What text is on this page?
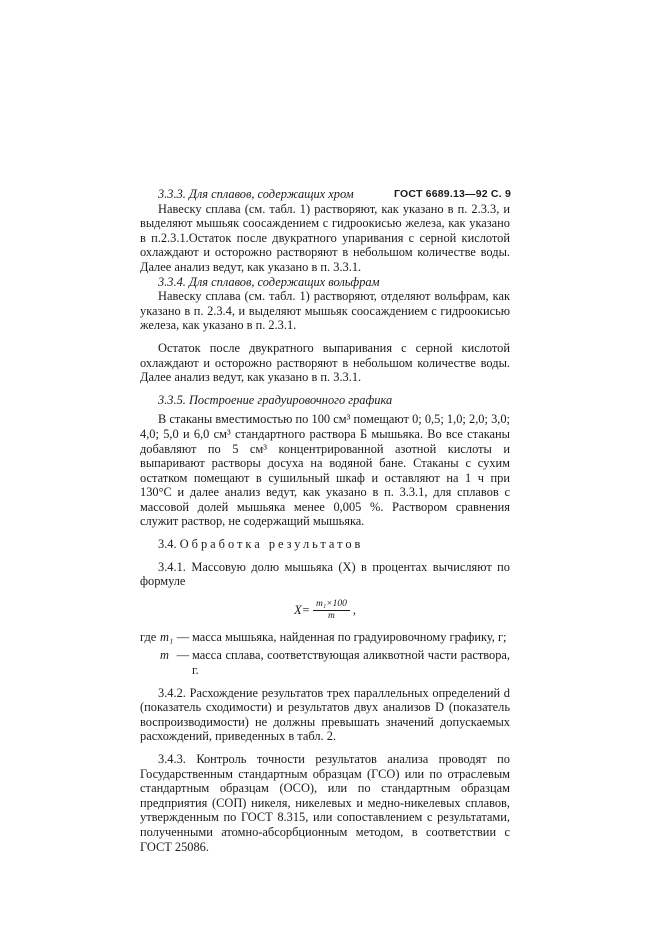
ГОСТ 6689.13—92 С. 9

3.3.3. Для сплавов, содержащих хром

Навеску сплава (см. табл. 1) растворяют, как указано в п. 2.3.3, и выделяют мышьяк соосаждением с гидроокисью железа, как указано в п.2.3.1.Остаток после двукратного упаривания с серной кислотой охлаждают и осторожно растворяют в небольшом количестве воды. Далее анализ ведут, как указано в п. 3.3.1.

3.3.4. Для сплавов, содержащих вольфрам

Навеску сплава (см. табл. 1) растворяют, отделяют вольфрам, как указано в п. 2.3.4, и выделяют мышьяк соосаждением с гидроокисью железа, как указано в п. 2.3.1.

Остаток после двукратного выпаривания с серной кислотой охлаждают и осторожно растворяют в небольшом количестве воды. Далее анализ ведут, как указано в п. 3.3.1.

3.3.5. Построение градуировочного графика

В стаканы вместимостью по 100 см³ помещают 0; 0,5; 1,0; 2,0; 3,0; 4,0; 5,0 и 6,0 см³ стандартного раствора Б мышьяка. Во все стаканы добавляют по 5 см³ концентрированной азотной кислоты и выпаривают растворы досуха на водяной бане. Стаканы с сухим остатком помещают в сушильный шкаф и оставляют на 1 ч при 130°С и далее анализ ведут, как указано в п. 3.3.1, для сплавов с массовой долей мышьяка менее 0,005 %. Раствором сравнения служит раствор, не содержащий мышьяка.

3.4. Обработка результатов

3.4.1. Массовую долю мышьяка (X) в процентах вычисляют по формуле

$X= \frac{\text{m₁×100}}{m}$ ,
где m₁ — масса мышьяка, найденная по градуировочному графику, г;
m — масса сплава, соответствующая аликвотной части раствора, г.

3.4.2. Расхождение результатов трех параллельных определений d (показатель сходимости) и результатов двух анализов D (показатель воспроизводимости) не должны превышать значений допускаемых расхождений, приведенных в табл. 2.

3.4.3. Контроль точности результатов анализа проводят по Государственным стандартным образцам (ГСО) или по отраслевым стандартным образцам (ОСО), или по стандартным образцам предприятия (СОП) никеля, никелевых и медно-никелевых сплавов, утвержденным по ГОСТ 8.315, или сопоставлением с результатами, полученными атомно-абсорбционным методом, в соответствии с ГОСТ 25086.
